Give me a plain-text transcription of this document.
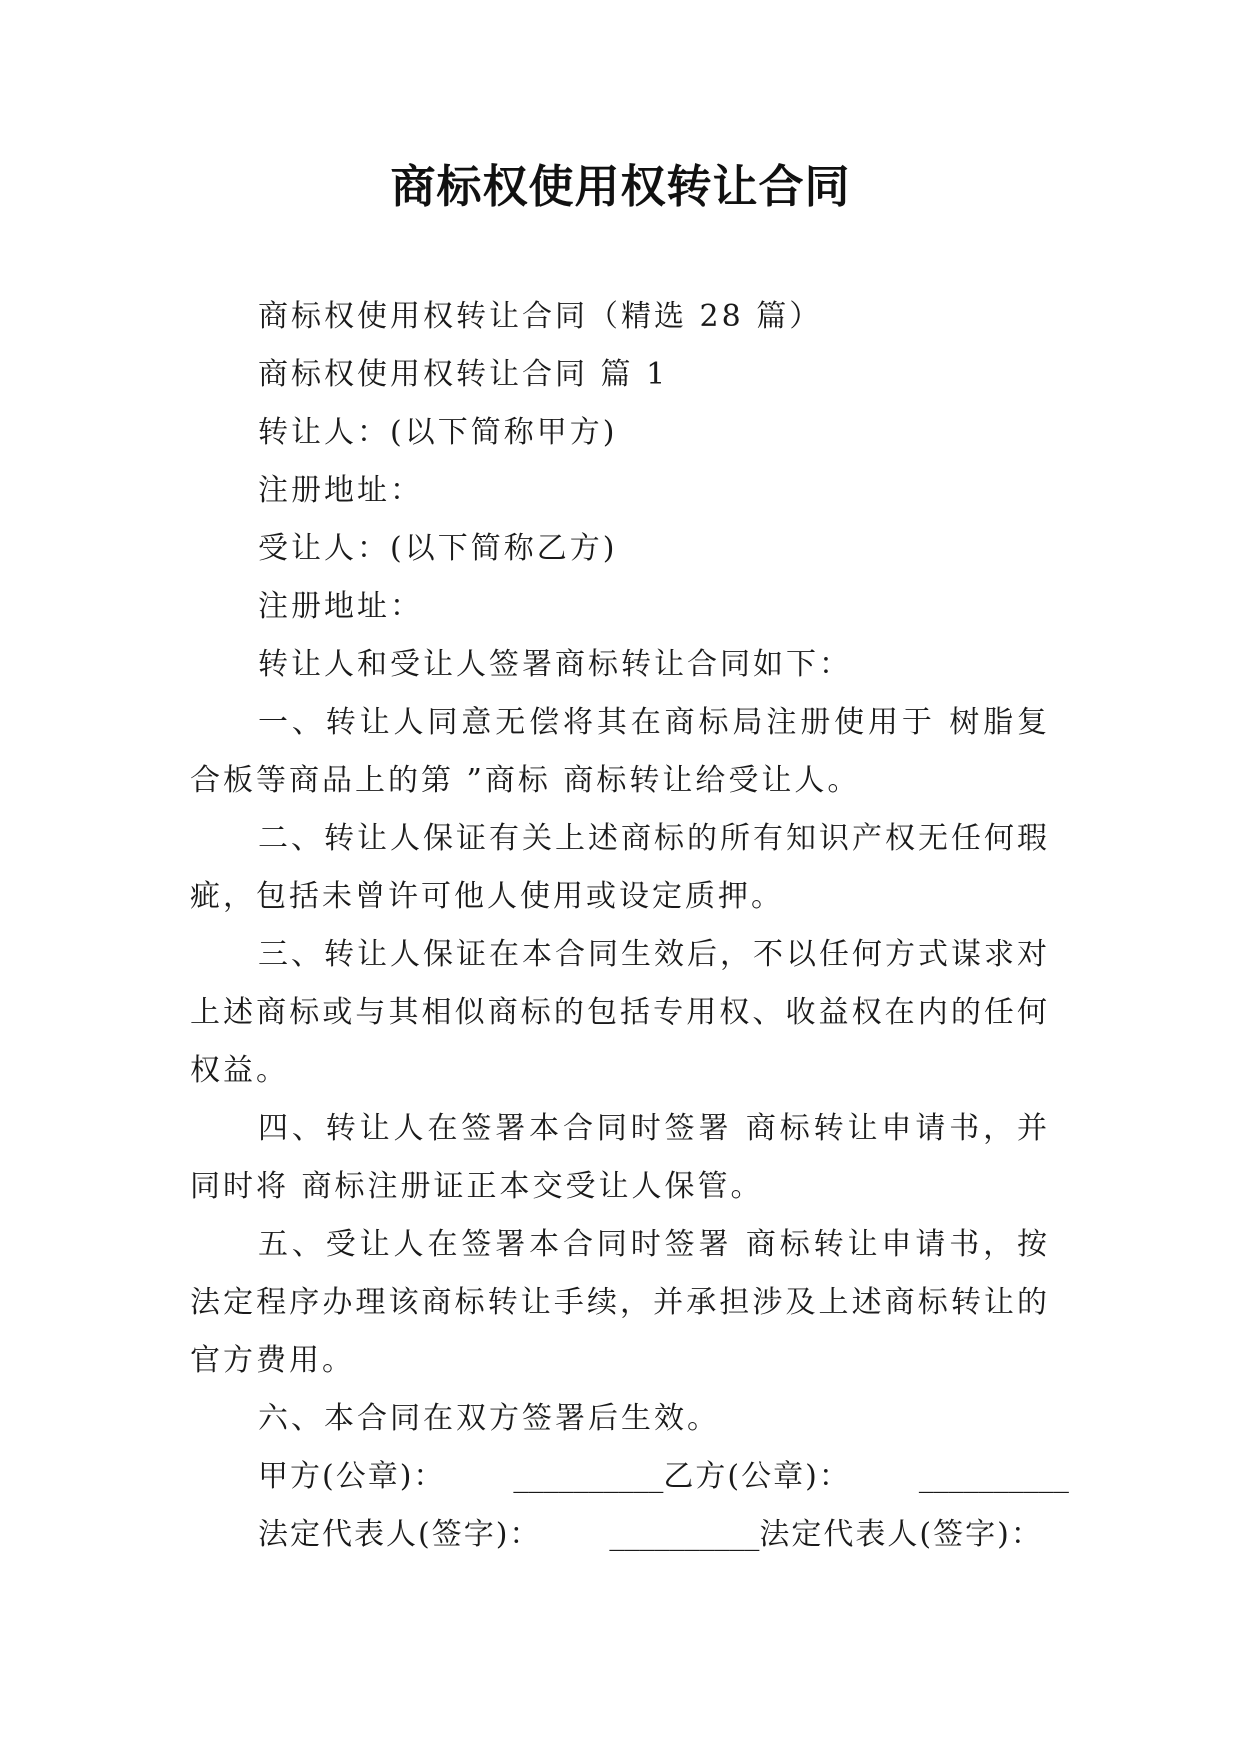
商标权使用权转让合同

商标权使用权转让合同（精选 28 篇）

商标权使用权转让合同 篇 1

转让人：(以下简称甲方)

注册地址：

受让人：(以下简称乙方)

注册地址：

转让人和受让人签署商标转让合同如下：

一、转让人同意无偿将其在商标局注册使用于 树脂复合板等商品上的第 ”商标 商标转让给受让人。

二、转让人保证有关上述商标的所有知识产权无任何瑕疵，包括未曾许可他人使用或设定质押。

三、转让人保证在本合同生效后，不以任何方式谋求对上述商标或与其相似商标的包括专用权、收益权在内的任何权益。

四、转让人在签署本合同时签署 商标转让申请书，并同时将 商标注册证正本交受让人保管。

五、受让人在签署本合同时签署 商标转让申请书，按法定程序办理该商标转让手续，并承担涉及上述商标转让的官方费用。

六、本合同在双方签署后生效。

甲方(公章)： __________乙方(公章)： __________

法定代表人(签字)： __________法定代表人(签字)：
